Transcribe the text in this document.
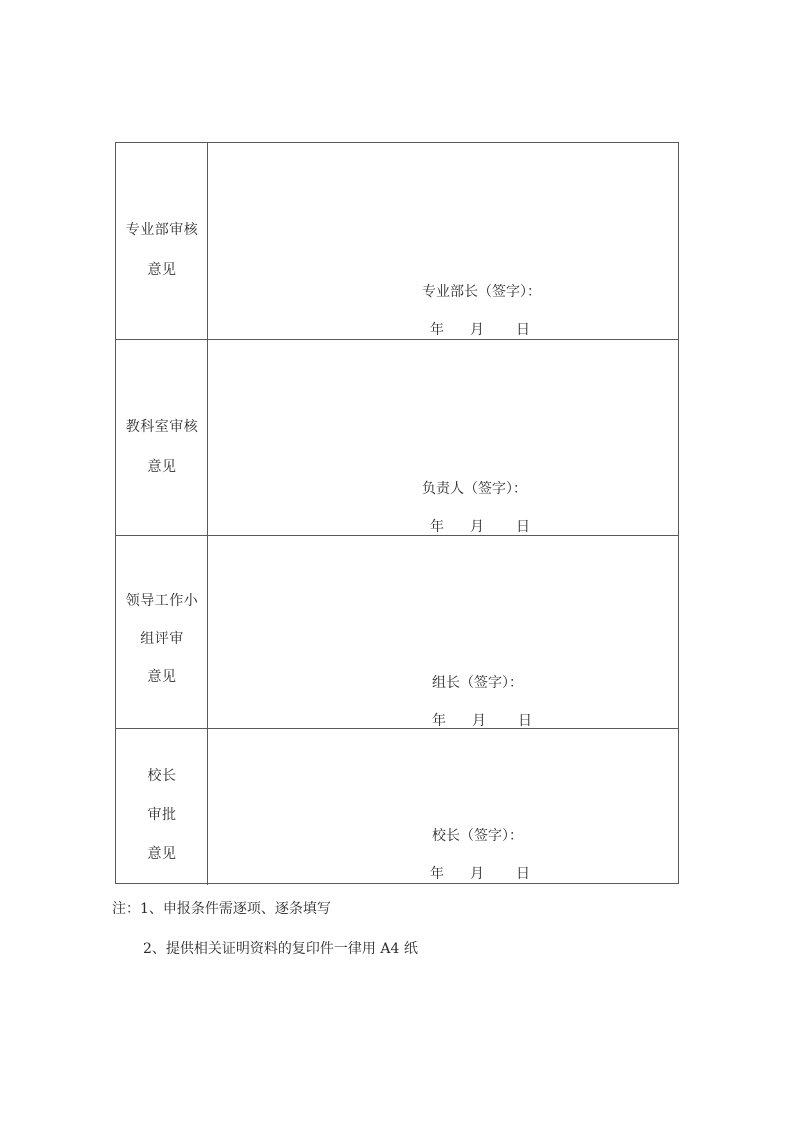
专业部审核
意见
专业部长（签字）：
年 月 日
教科室审核
意见
负责人（签字）：
年 月 日
领导工作小
组评审
意见	组长（签字）：
年 月 日
校长
审批
意见
校长（签字）：
年 月 日
注：1、申报条件需逐项、逐条填写
2、提供相关证明资料的复印件一律用 A4 纸
